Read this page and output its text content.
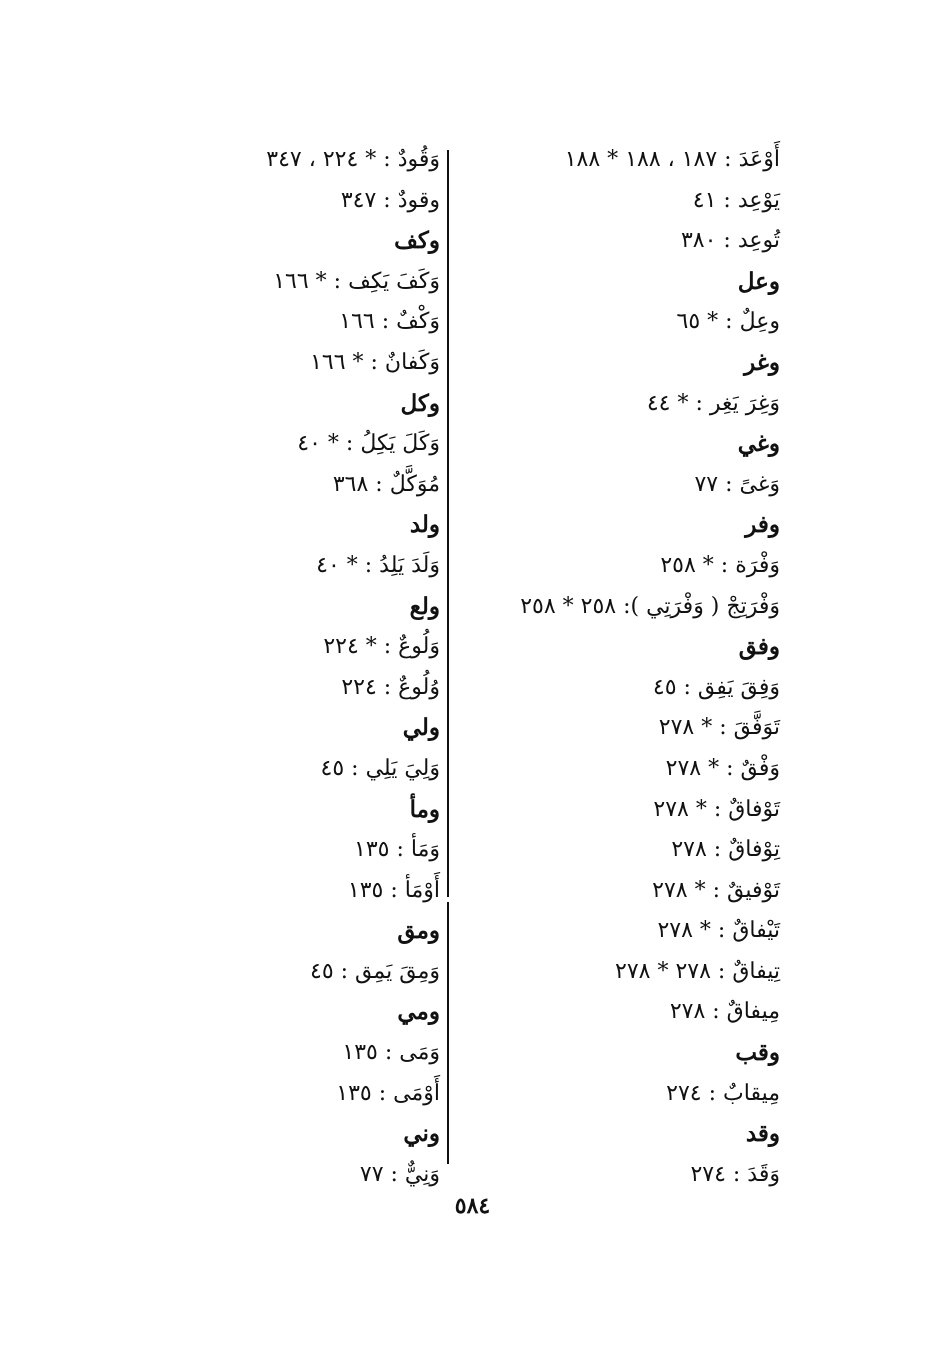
أَوْعَدَ : ١٨٧ ، ١٨٨ * ١٨٨
يَوْعِد : ٤١
تُوعِد : ٣٨٠
وعل
وعِلٌ : * ٦٥
وغر
وَغِرَ يَغِر : * ٤٤
وغي
وَغىً : ٧٧
وفر
وَفْرَة : * ٢٥٨
وَفْرَتِجْ ( وَفْرَتِي ): ٢٥٨ * ٢٥٨
وفق
وَفِقَ يَفِق : ٤٥
تَوَفَّقَ : * ٢٧٨
وَفْقٌ : * ٢٧٨
تَوْفاقٌ : * ٢٧٨
تِوْفاقٌ : ٢٧٨
تَوْفيقٌ : * ٢٧٨
تَيْفاقٌ : * ٢٧٨
تِيفاقٌ : ٢٧٨ * ٢٧٨
مِيفاقٌ : ٢٧٨
وقب
مِيقابٌ : ٢٧٤
وقد
وَقَدَ : ٢٧٤
وَقُودٌ : * ٢٢٤ ، ٣٤٧
وقودٌ : ٣٤٧
وكف
وَكَفَ يَكِف : * ١٦٦
وَكْفٌ : ١٦٦
وَكَفانٌ : * ١٦٦
وكل
وَكَلَ يَكِلُ : * ٤٠
مُوَكَّلٌ : ٣٦٨
ولد
وَلَدَ يَلِدُ : * ٤٠
ولع
وَلُوعٌ : * ٢٢٤
وُلُوعٌ : ٢٢٤
ولي
وَلِيَ يَلِي : ٤٥
ومأ
وَمَأ : ١٣٥
أَوْمَأ : ١٣٥
ومق
وَمِقَ يَمِق : ٤٥
ومي
وَمَى : ١٣٥
أَوْمَى : ١٣٥
وني
وَنِيٌّ : ٧٧
٥٨٤
